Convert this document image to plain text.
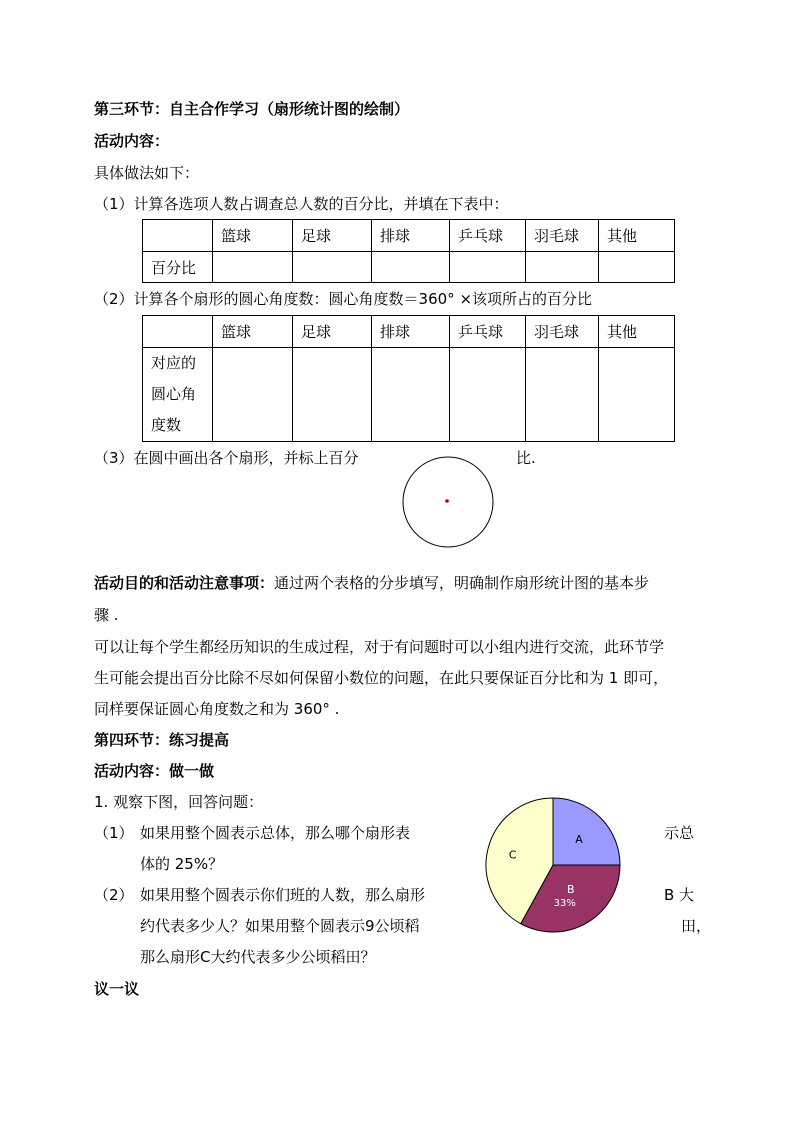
第三环节：自主合作学习（扇形统计图的绘制）
活动内容：
具体做法如下：
（1）计算各选项人数占调查总人数的百分比，并填在下表中：
	篮球	足球	排球	乒乓球	羽毛球	其他
百分比						
（2）计算各个扇形的圆心角度数：圆心角度数＝360° ×该项所占的百分比
	篮球	足球	排球	乒乓球	羽毛球	其他

对应的
圆心角
度数						

（3）在圆中画出各个扇形，并标上百分	比.
活动目的和活动注意事项：通过两个表格的分步填写，明确制作扇形统计图的基本步
骤 .
可以让每个学生都经历知识的生成过程，对于有问题时可以小组内进行交流，此环节学
生可能会提出百分比除不尽如何保留小数位的问题，在此只要保证百分比和为 1 即可，
同样要保证圆心角度数之和为 360° .
第四环节：练习提高
活动内容：做一做
1. 观察下图，回答问题：
（1） 如果用整个圆表示总体，那么哪个扇形表	示总
体的 25%？
（2） 如果用整个圆表示你们班的人数，那么扇形	B 大
约代表多少人？如果用整个圆表示9公顷稻	田，
那么扇形C大约代表多少公顷稻田？
议一议
A
B
33%
C
